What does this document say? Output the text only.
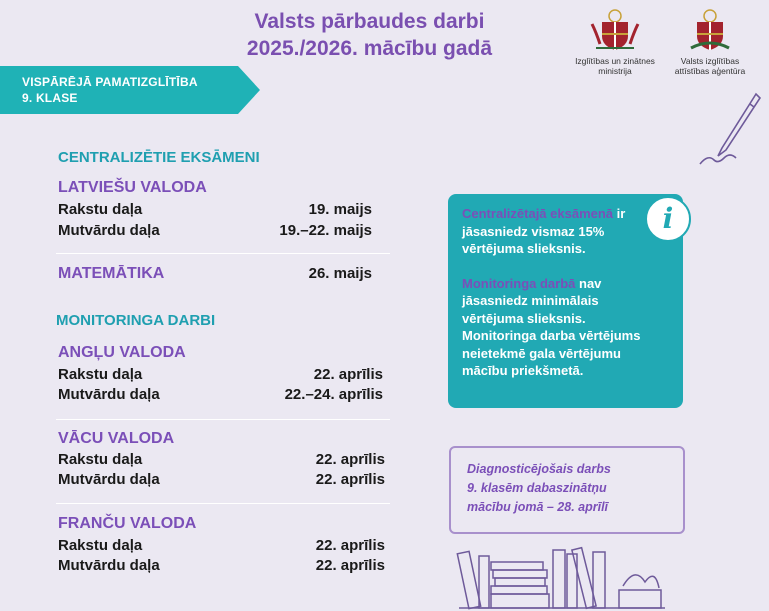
Valsts pārbaudes darbi
2025./2026. mācību gadā
Izglītības un zinātnes
ministrija
Valsts izglītības
attīstības aģentūra
VISPĀRĒJĀ PAMATIZGLĪTĪBA
9. KLASE
CENTRALIZĒTIE EKSĀMENI
LATVIEŠU VALODA
Rakstu daļa	19. maijs
Mutvārdu daļa	19.–22. maijs
MATEMĀTIKA	26. maijs
MONITORINGA DARBI
ANGĻU VALODA
Rakstu daļa	22. aprīlis
Mutvārdu daļa	22.–24. aprīlis
VĀCU VALODA
Rakstu daļa	22. aprīlis
Mutvārdu daļa	22. aprīlis
FRANČU VALODA
Rakstu daļa	22. aprīlis
Mutvārdu daļa	22. aprīlis
Centralizētajā eksāmenā ir jāsasniedz vismaz 15% vērtējuma slieksnis.
Monitoringa darbā nav jāsasniedz minimālais vērtējuma slieksnis. Monitoringa darba vērtējums neietekmē gala vērtējumu mācību priekšmetā.
i
Diagnosticējošais darbs
9. klasēm dabaszinātņu
mācību jomā – 28. aprīlī
